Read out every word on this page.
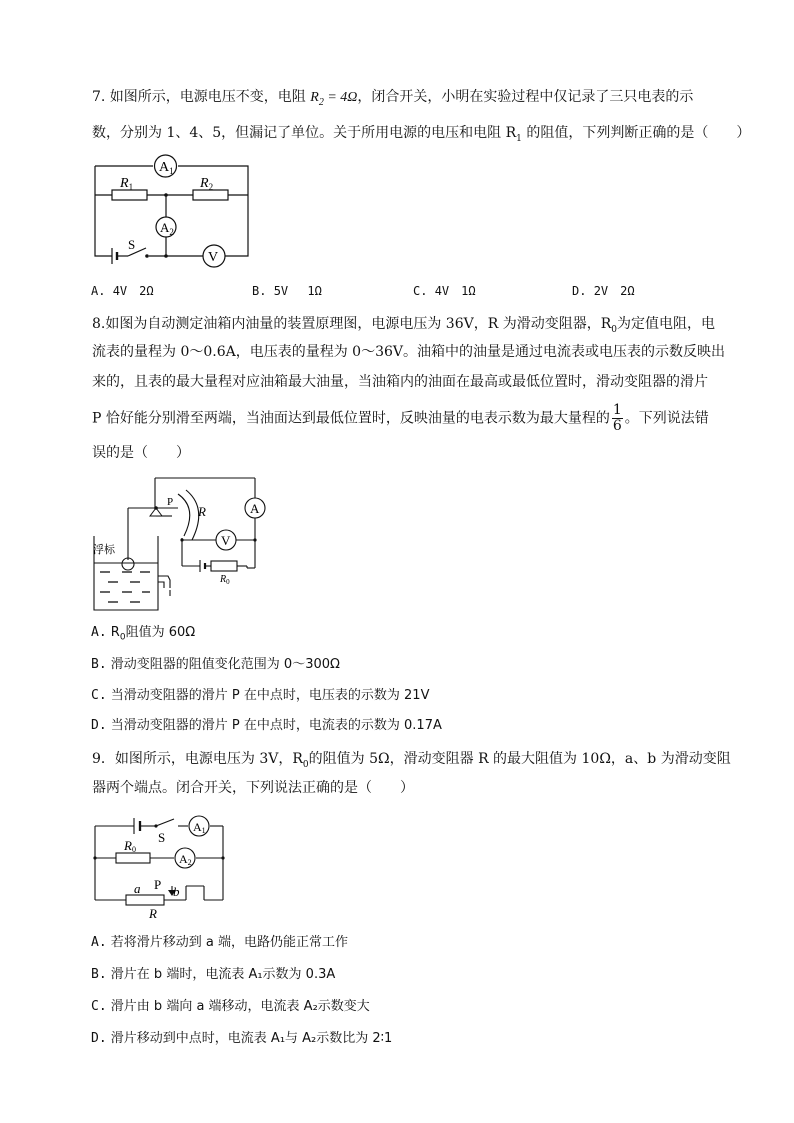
7. 如图所示，电源电压不变，电阻 $R_2 = 4\Omega$，闭合开关，小明在实验过程中仅记录了三只电表的示
数，分别为 1、4、5，但漏记了单位。关于所用电源的电压和电阻 $R_1$ 的阻值，下列判断正确的是（　　）
$A_1$
$A_2$
V
$R_1$	$R_2$
S
A. 4V　2Ω	B. 5V　 1Ω	C. 4V　1Ω	D. 2V　2Ω
8.如图为自动测定油箱内油量的装置原理图，电源电压为 36V，R 为滑动变阻器，$R_0$为定值电阻，电
流表的量程为 0～0.6A，电压表的量程为 0～36V。油箱中的油量是通过电流表或电压表的示数反映出
来的，且表的最大量程对应油箱最大油量，当油箱内的油面在最高或最低位置时，滑动变阻器的滑片
P 恰好能分别滑至两端，当油面达到最低位置时，反映油量的电表示数为最大量程的 $\frac{1}{6}$ 。下列说法错
误的是（　　）
A
V
P
R
$R_0$
浮标
A. $R_0$阻值为 60Ω
B. 滑动变阻器的阻值变化范围为 0～300Ω
C. 当滑动变阻器的滑片 P 在中点时，电压表的示数为 21V
D. 当滑动变阻器的滑片 P 在中点时，电流表的示数为 0.17A
9．如图所示，电源电压为 3V，$R_0$的阻值为 5Ω，滑动变阻器 R 的最大阻值为 10Ω，a、b 为滑动变阻
器两个端点。闭合开关，下列说法正确的是（　　）
S
A1
A2
R0
a P b
R
A. 若将滑片移动到 a 端，电路仍能正常工作
B. 滑片在 b 端时，电流表 A₁示数为 0.3A
C. 滑片由 b 端向 a 端移动，电流表 A₂示数变大
D. 滑片移动到中点时，电流表 A₁与 A₂示数比为 2∶1
